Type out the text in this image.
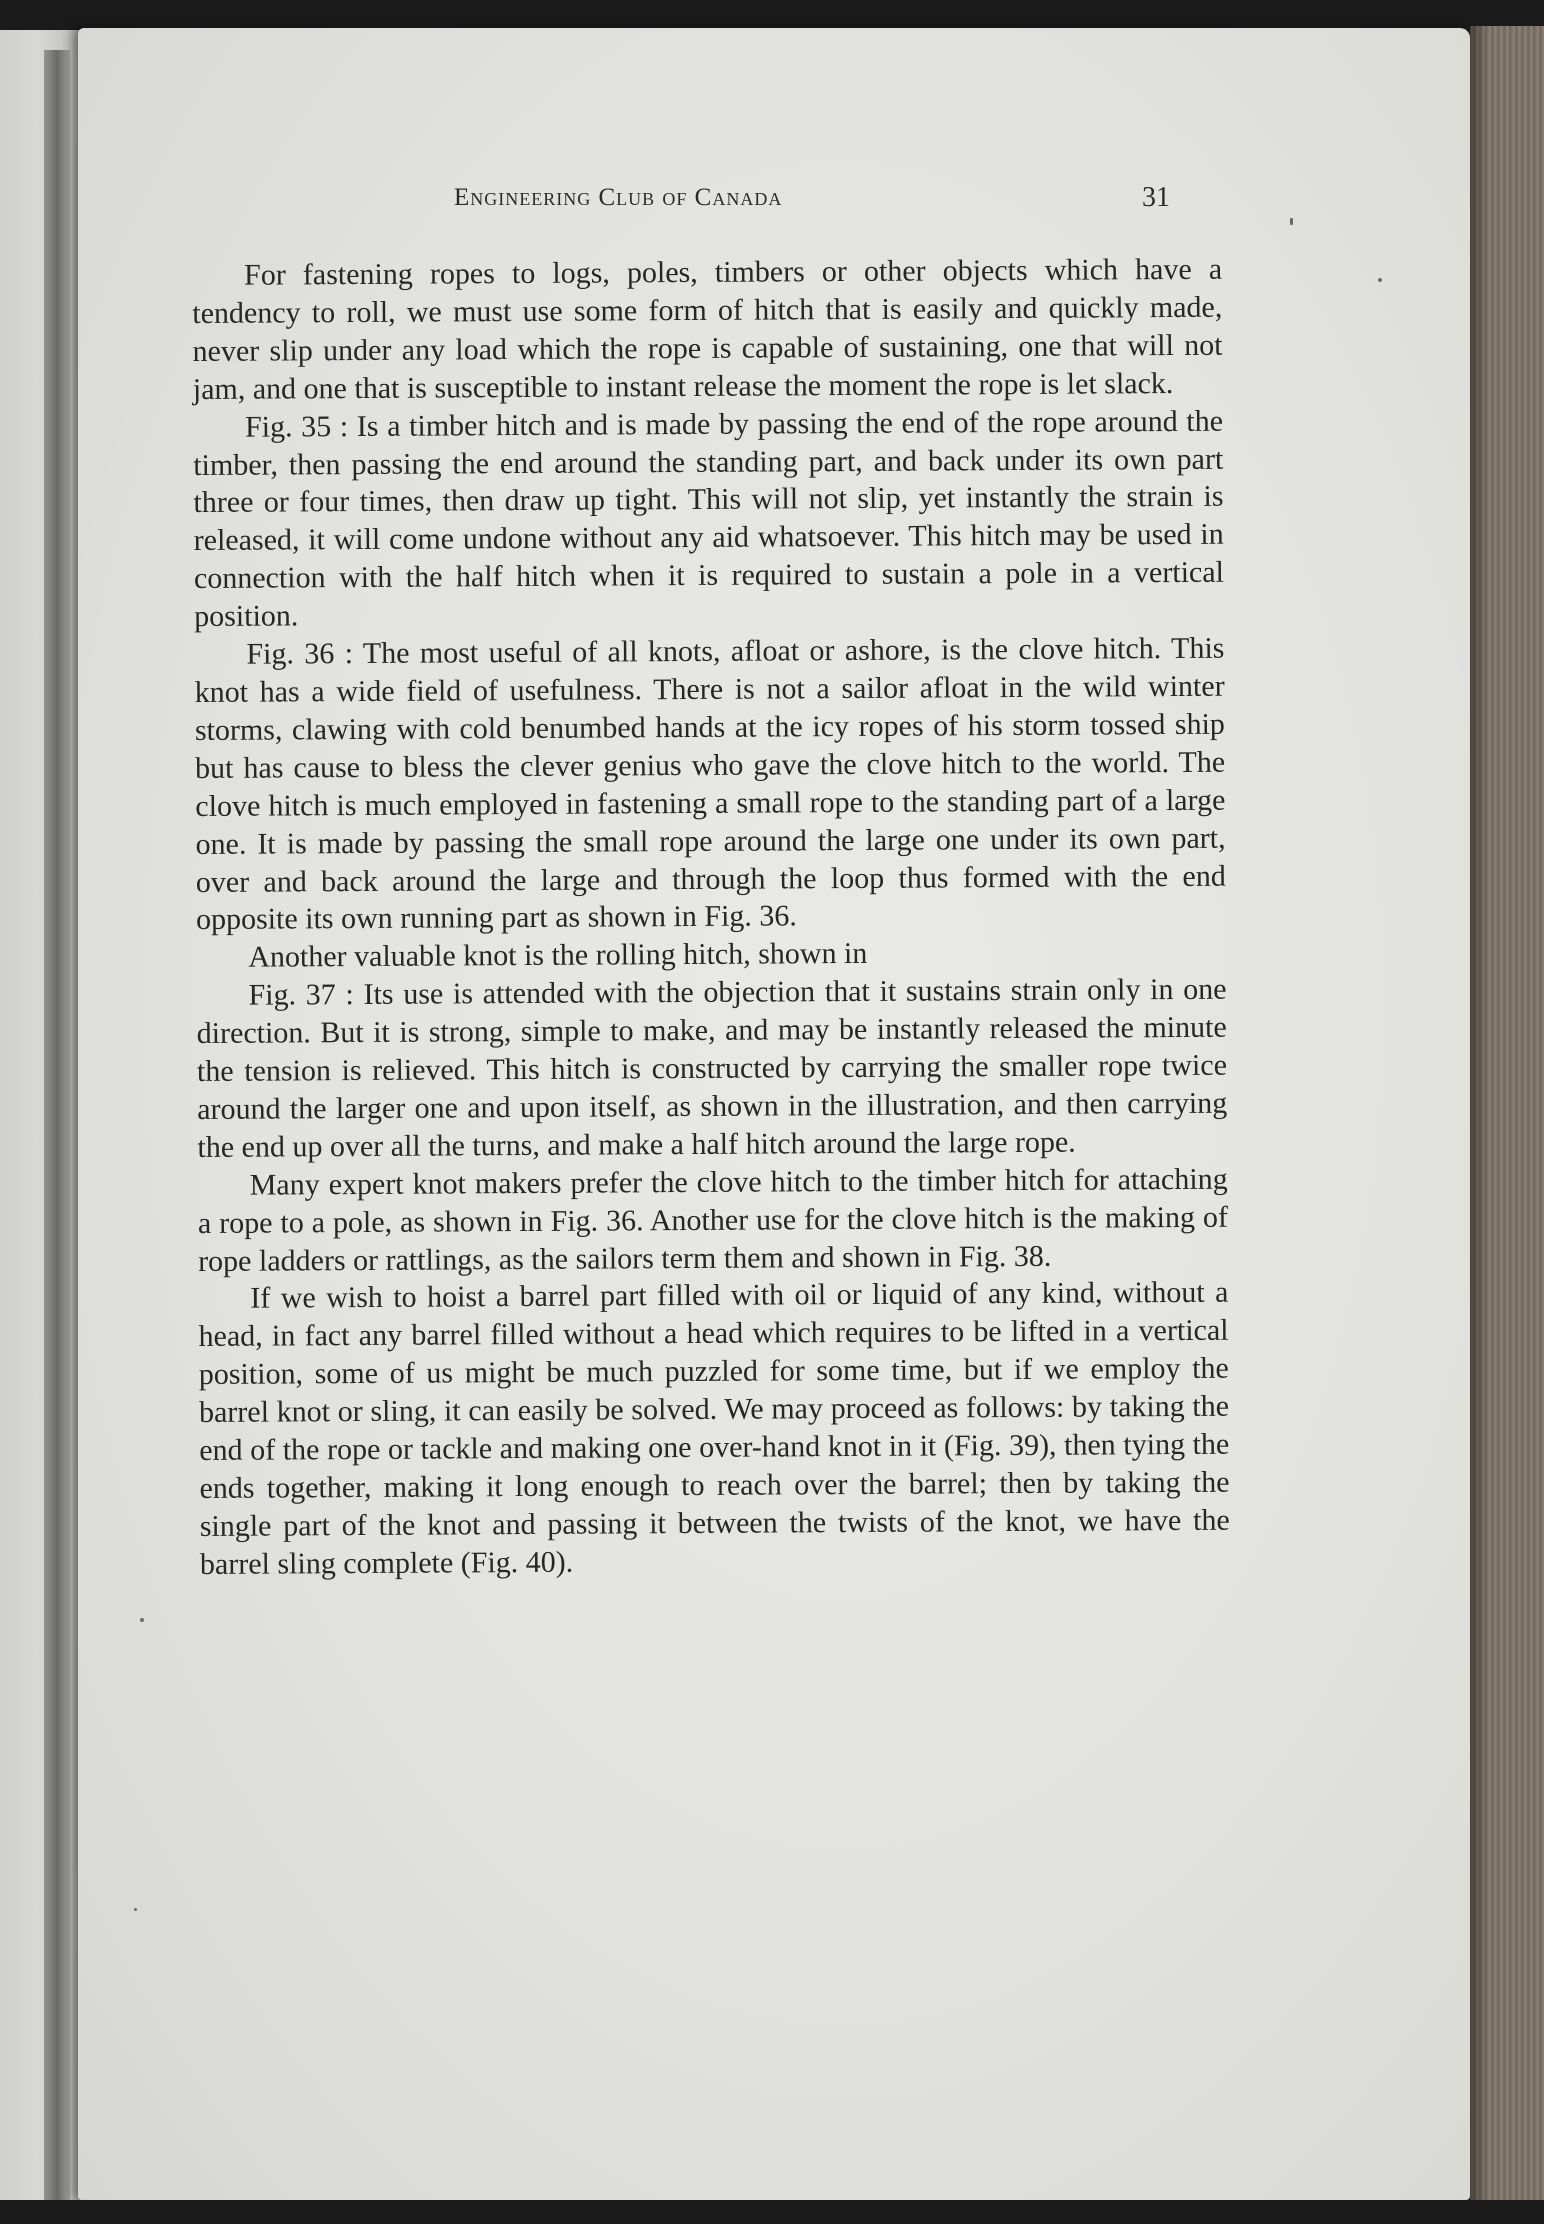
Engineering Club of Canada	31

For fastening ropes to logs, poles, timbers or other objects which have a tendency to roll, we must use some form of hitch that is easily and quickly made, never slip under any load which the rope is capable of sustaining, one that will not jam, and one that is susceptible to instant release the moment the rope is let slack.

Fig. 35 : Is a timber hitch and is made by passing the end of the rope around the timber, then passing the end around the standing part, and back under its own part three or four times, then draw up tight. This will not slip, yet instantly the strain is released, it will come undone without any aid whatsoever. This hitch may be used in connection with the half hitch when it is required to sustain a pole in a vertical position.

Fig. 36 : The most useful of all knots, afloat or ashore, is the clove hitch. This knot has a wide field of usefulness. There is not a sailor afloat in the wild winter storms, clawing with cold benumbed hands at the icy ropes of his storm tossed ship but has cause to bless the clever genius who gave the clove hitch to the world. The clove hitch is much employed in fastening a small rope to the standing part of a large one. It is made by passing the small rope around the large one under its own part, over and back around the large and through the loop thus formed with the end opposite its own running part as shown in Fig. 36.

Another valuable knot is the rolling hitch, shown in

Fig. 37 : Its use is attended with the objection that it sustains strain only in one direction. But it is strong, simple to make, and may be instantly released the minute the tension is relieved. This hitch is constructed by carrying the smaller rope twice around the larger one and upon itself, as shown in the illustration, and then carrying the end up over all the turns, and make a half hitch around the large rope.

Many expert knot makers prefer the clove hitch to the timber hitch for attaching a rope to a pole, as shown in Fig. 36. Another use for the clove hitch is the making of rope ladders or rattlings, as the sailors term them and shown in Fig. 38.

If we wish to hoist a barrel part filled with oil or liquid of any kind, without a head, in fact any barrel filled without a head which requires to be lifted in a vertical position, some of us might be much puzzled for some time, but if we employ the barrel knot or sling, it can easily be solved. We may proceed as follows: by taking the end of the rope or tackle and making one over-hand knot in it (Fig. 39), then tying the ends together, making it long enough to reach over the barrel; then by taking the single part of the knot and passing it between the twists of the knot, we have the barrel sling complete (Fig. 40).
